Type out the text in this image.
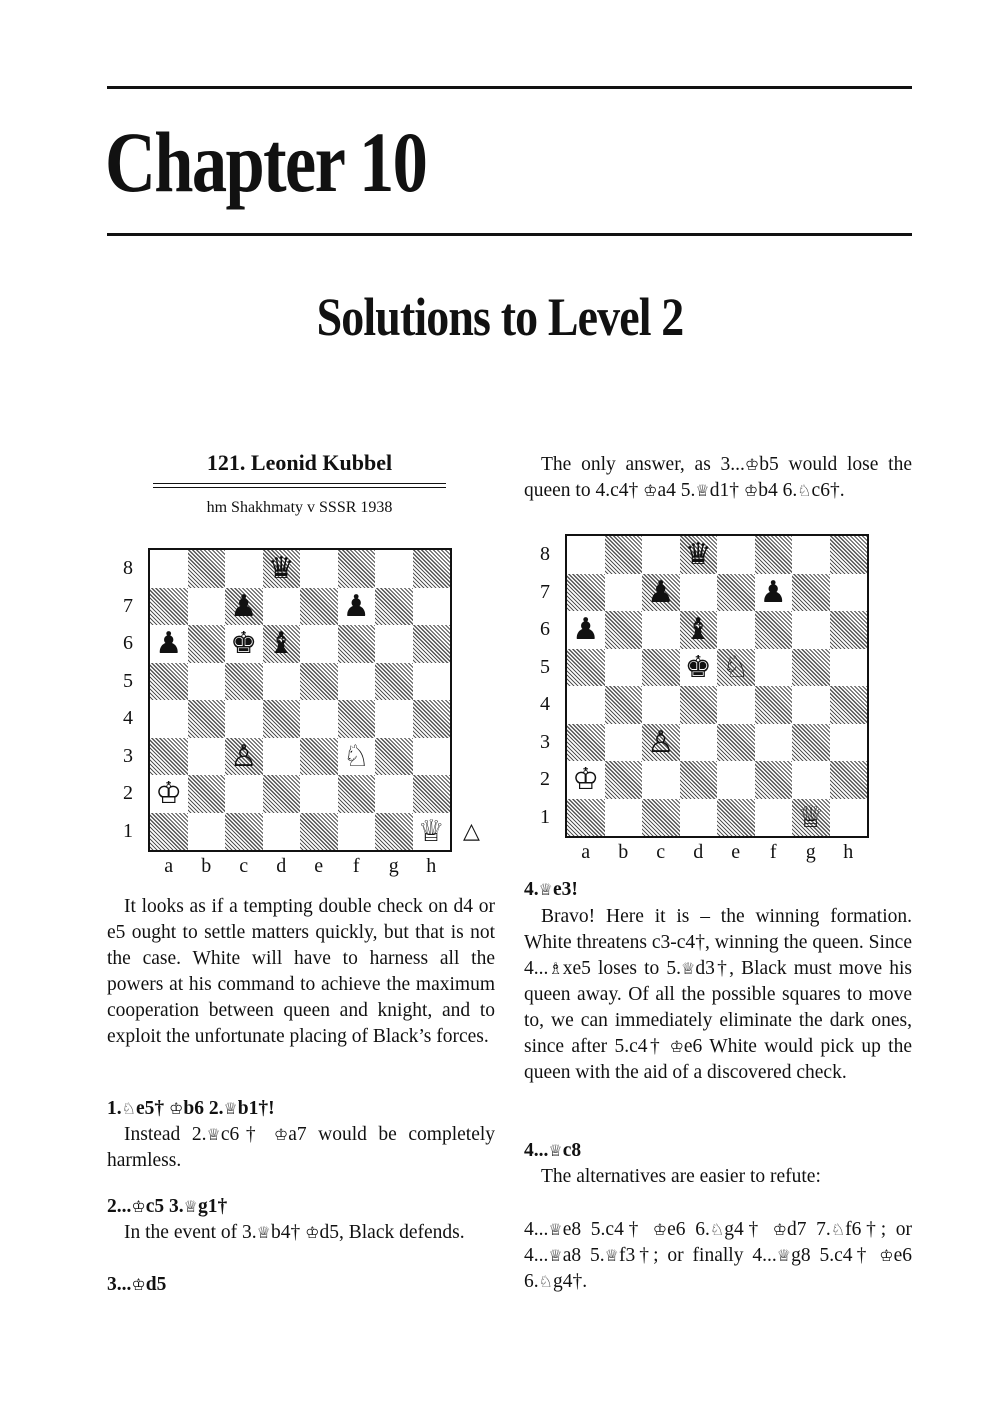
Chapter 10
Solutions to Level 2
121. Leonid Kubbel
hm Shakhmaty v SSSR 1938
♛
♟	♟
♟ ♚ ♝
♙	♘
♔
♕
8
7
6
5
4
3
2
1
a	b	c	d	e	f	g	h
△
It looks as if a tempting double check on d4 or e5 ought to settle matters quickly, but that is not the case. White will have to harness all the powers at his command to achieve the maximum cooperation between queen and knight, and to exploit the unfortunate placing of Black’s forces.
1.♘e5† ♔b6 2.♕b1†!
Instead 2.♕c6† ♔a7 would be completely harmless.
2...♔c5 3.♕g1†
In the event of 3.♕b4† ♔d5, Black defends.
3...♔d5
The only answer, as 3...♔b5 would lose the queen to 4.c4† ♔a4 5.♕d1† ♔b4 6.♘c6†.
♛
♟	♟
♟	♝
♚ ♘
♙
♔
♕
8
7
6
5
4
3
2
1
a	b	c	d	e	f	g	h
4.♕e3!
Bravo! Here it is – the winning formation. White threatens c3-c4†, winning the queen. Since 4...♗xe5 loses to 5.♕d3†, Black must move his queen away. Of all the possible squares to move to, we can immediately eliminate the dark ones, since after 5.c4† ♔e6 White would pick up the queen with the aid of a discovered check.
4...♕c8
The alternatives are easier to refute:
4...♕e8 5.c4† ♔e6 6.♘g4† ♔d7 7.♘f6†; or 4...♕a8 5.♕f3†; or finally 4...♕g8 5.c4† ♔e6 6.♘g4†.
